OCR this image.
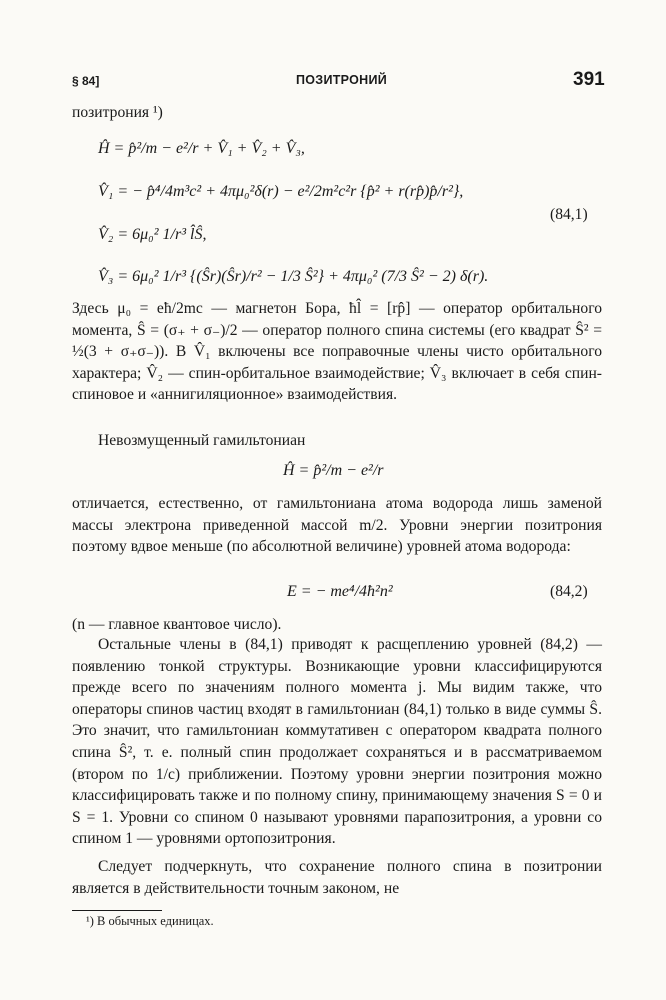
§ 84]	ПОЗИТРОНИЙ	391
позитрония ¹)
Ĥ = p̂²/m − e²/r + V̂₁ + V̂₂ + V̂₃,
V̂₁ = − p̂⁴/4m³c² + 4πμ₀²δ(r) − e²/2m²c²r {p̂² + r(rp̂)p̂/r²},
V̂₂ = 6μ₀² 1/r³ l̂Ŝ,
V̂₃ = 6μ₀² 1/r³ {(Ŝr)(Ŝr)/r² − 1/3 Ŝ²} + 4πμ₀² (7/3 Ŝ² − 2) δ(r).
(84,1)
Здесь μ₀ = eħ/2mc — магнетон Бора, ħl̂ = [rp̂] — оператор орбитального момента, Ŝ = (σ₊ + σ₋)/2 — оператор полного спина системы (его квадрат Ŝ² = ½(3 + σ₊σ₋)). В V̂₁ включены все поправочные члены чисто орбитального характера; V̂₂ — спин-орбитальное взаимодействие; V̂₃ включает в себя спин-спиновое и «аннигиляционное» взаимодействия.
Невозмущенный гамильтониан
Ĥ = p̂²/m − e²/r
отличается, естественно, от гамильтониана атома водорода лишь заменой массы электрона приведенной массой m/2. Уровни энергии позитрония поэтому вдвое меньше (по абсолютной величине) уровней атома водорода:
E = − me⁴/4ħ²n²	(84,2)
(n — главное квантовое число).
Остальные члены в (84,1) приводят к расщеплению уровней (84,2) — появлению тонкой структуры. Возникающие уровни классифицируются прежде всего по значениям полного момента j. Мы видим также, что операторы спинов частиц входят в гамильтониан (84,1) только в виде суммы Ŝ. Это значит, что гамильтониан коммутативен с оператором квадрата полного спина Ŝ², т. е. полный спин продолжает сохраняться и в рассматриваемом (втором по 1/c) приближении. Поэтому уровни энергии позитрония можно классифицировать также и по полному спину, принимающему значения S = 0 и S = 1. Уровни со спином 0 называют уровнями парапозитрония, а уровни со спином 1 — уровнями ортопозитрония.
Следует подчеркнуть, что сохранение полного спина в позитронии является в действительности точным законом, не
¹) В обычных единицах.
